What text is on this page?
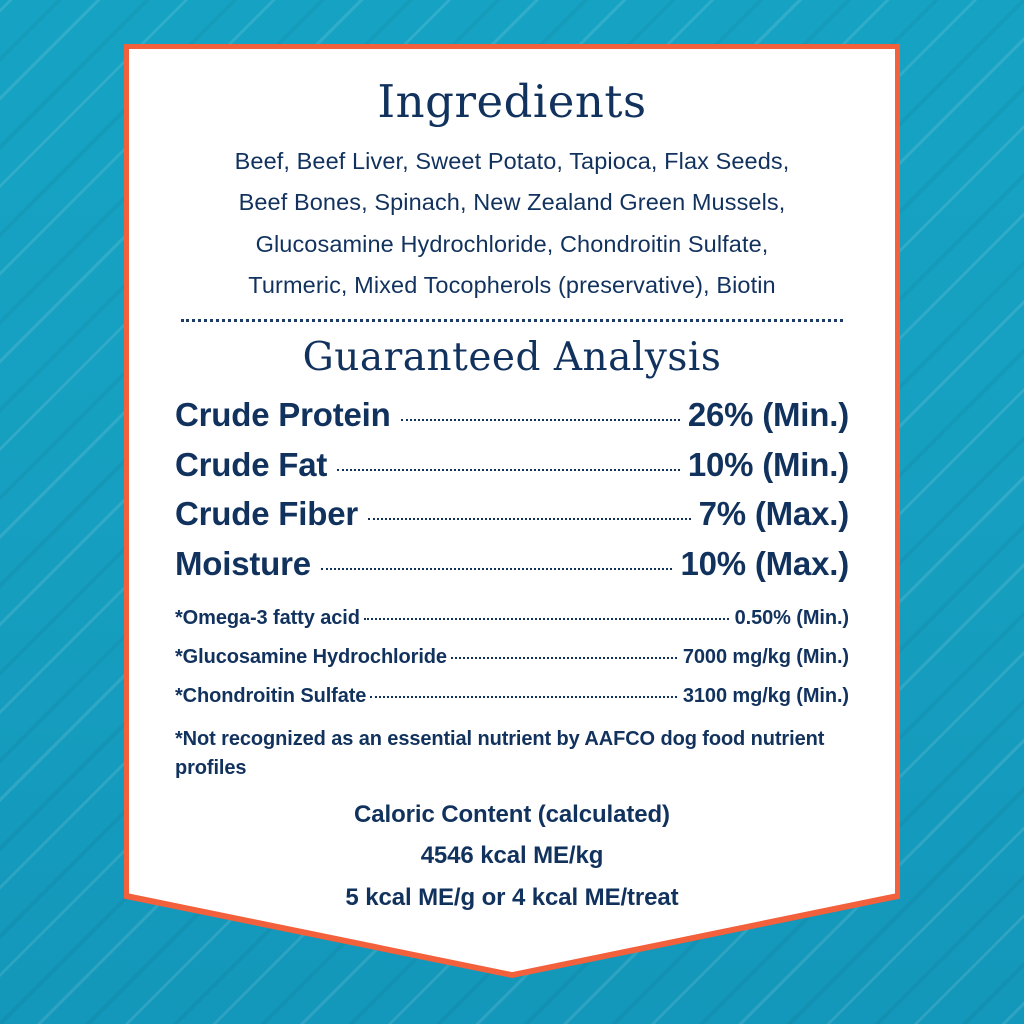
Ingredients
Beef, Beef Liver, Sweet Potato, Tapioca, Flax Seeds,
Beef Bones, Spinach, New Zealand Green Mussels,
Glucosamine Hydrochloride, Chondroitin Sulfate,
Turmeric, Mixed Tocopherols (preservative), Biotin
Guaranteed Analysis
Crude Protein	26% (Min.)
Crude Fat	10% (Min.)
Crude Fiber	7% (Max.)
Moisture	10% (Max.)
*Omega-3 fatty acid	0.50% (Min.)
*Glucosamine Hydrochloride	7000 mg/kg (Min.)
*Chondroitin Sulfate	3100 mg/kg (Min.)
*Not recognized as an essential nutrient by AAFCO dog food nutrient profiles
Caloric Content (calculated)
4546 kcal ME/kg
5 kcal ME/g or 4 kcal ME/treat
